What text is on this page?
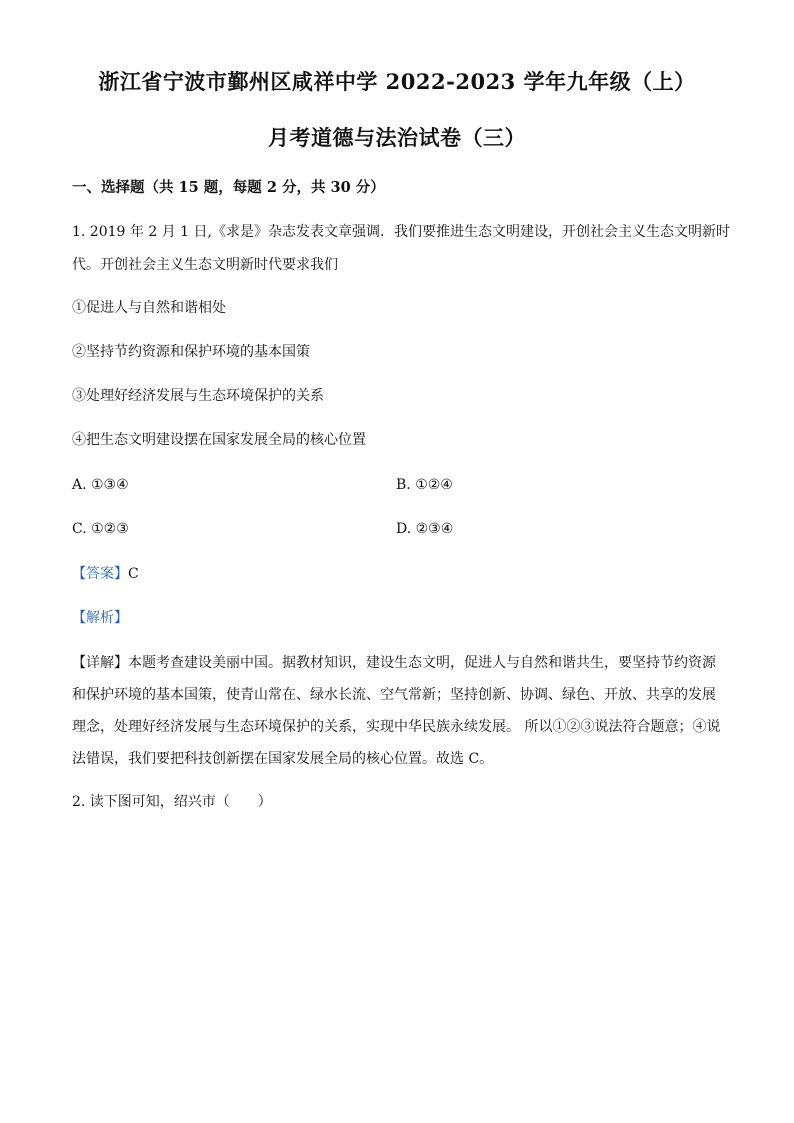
浙江省宁波市鄞州区咸祥中学 2022-2023 学年九年级（上）
月考道德与法治试卷（三）
一、选择题（共 15 题，每题 2 分，共 30 分）
1. 2019 年 2 月 1 日,《求是》杂志发表文章强调．我们要推进生态文明建设，开创社会主义生态文明新时
代。开创社会主义生态文明新时代要求我们
①促进人与自然和谐相处
②坚持节约资源和保护环境的基本国策
③处理好经济发展与生态环境保护的关系
④把生态文明建设摆在国家发展全局的核心位置
A. ①③④	B. ①②④
C. ①②③	D. ②③④
【答案】C
【解析】
【详解】本题考查建设美丽中国。据教材知识，建设生态文明，促进人与自然和谐共生，要坚持节约资源
和保护环境的基本国策，使青山常在、绿水长流、空气常新；坚持创新、协调、绿色、开放、共享的发展
理念，处理好经济发展与生态环境保护的关系，实现中华民族永续发展。 所以①②③说法符合题意；④说
法错误，我们要把科技创新摆在国家发展全局的核心位置。故选 C。
2. 读下图可知，绍兴市（　　）
